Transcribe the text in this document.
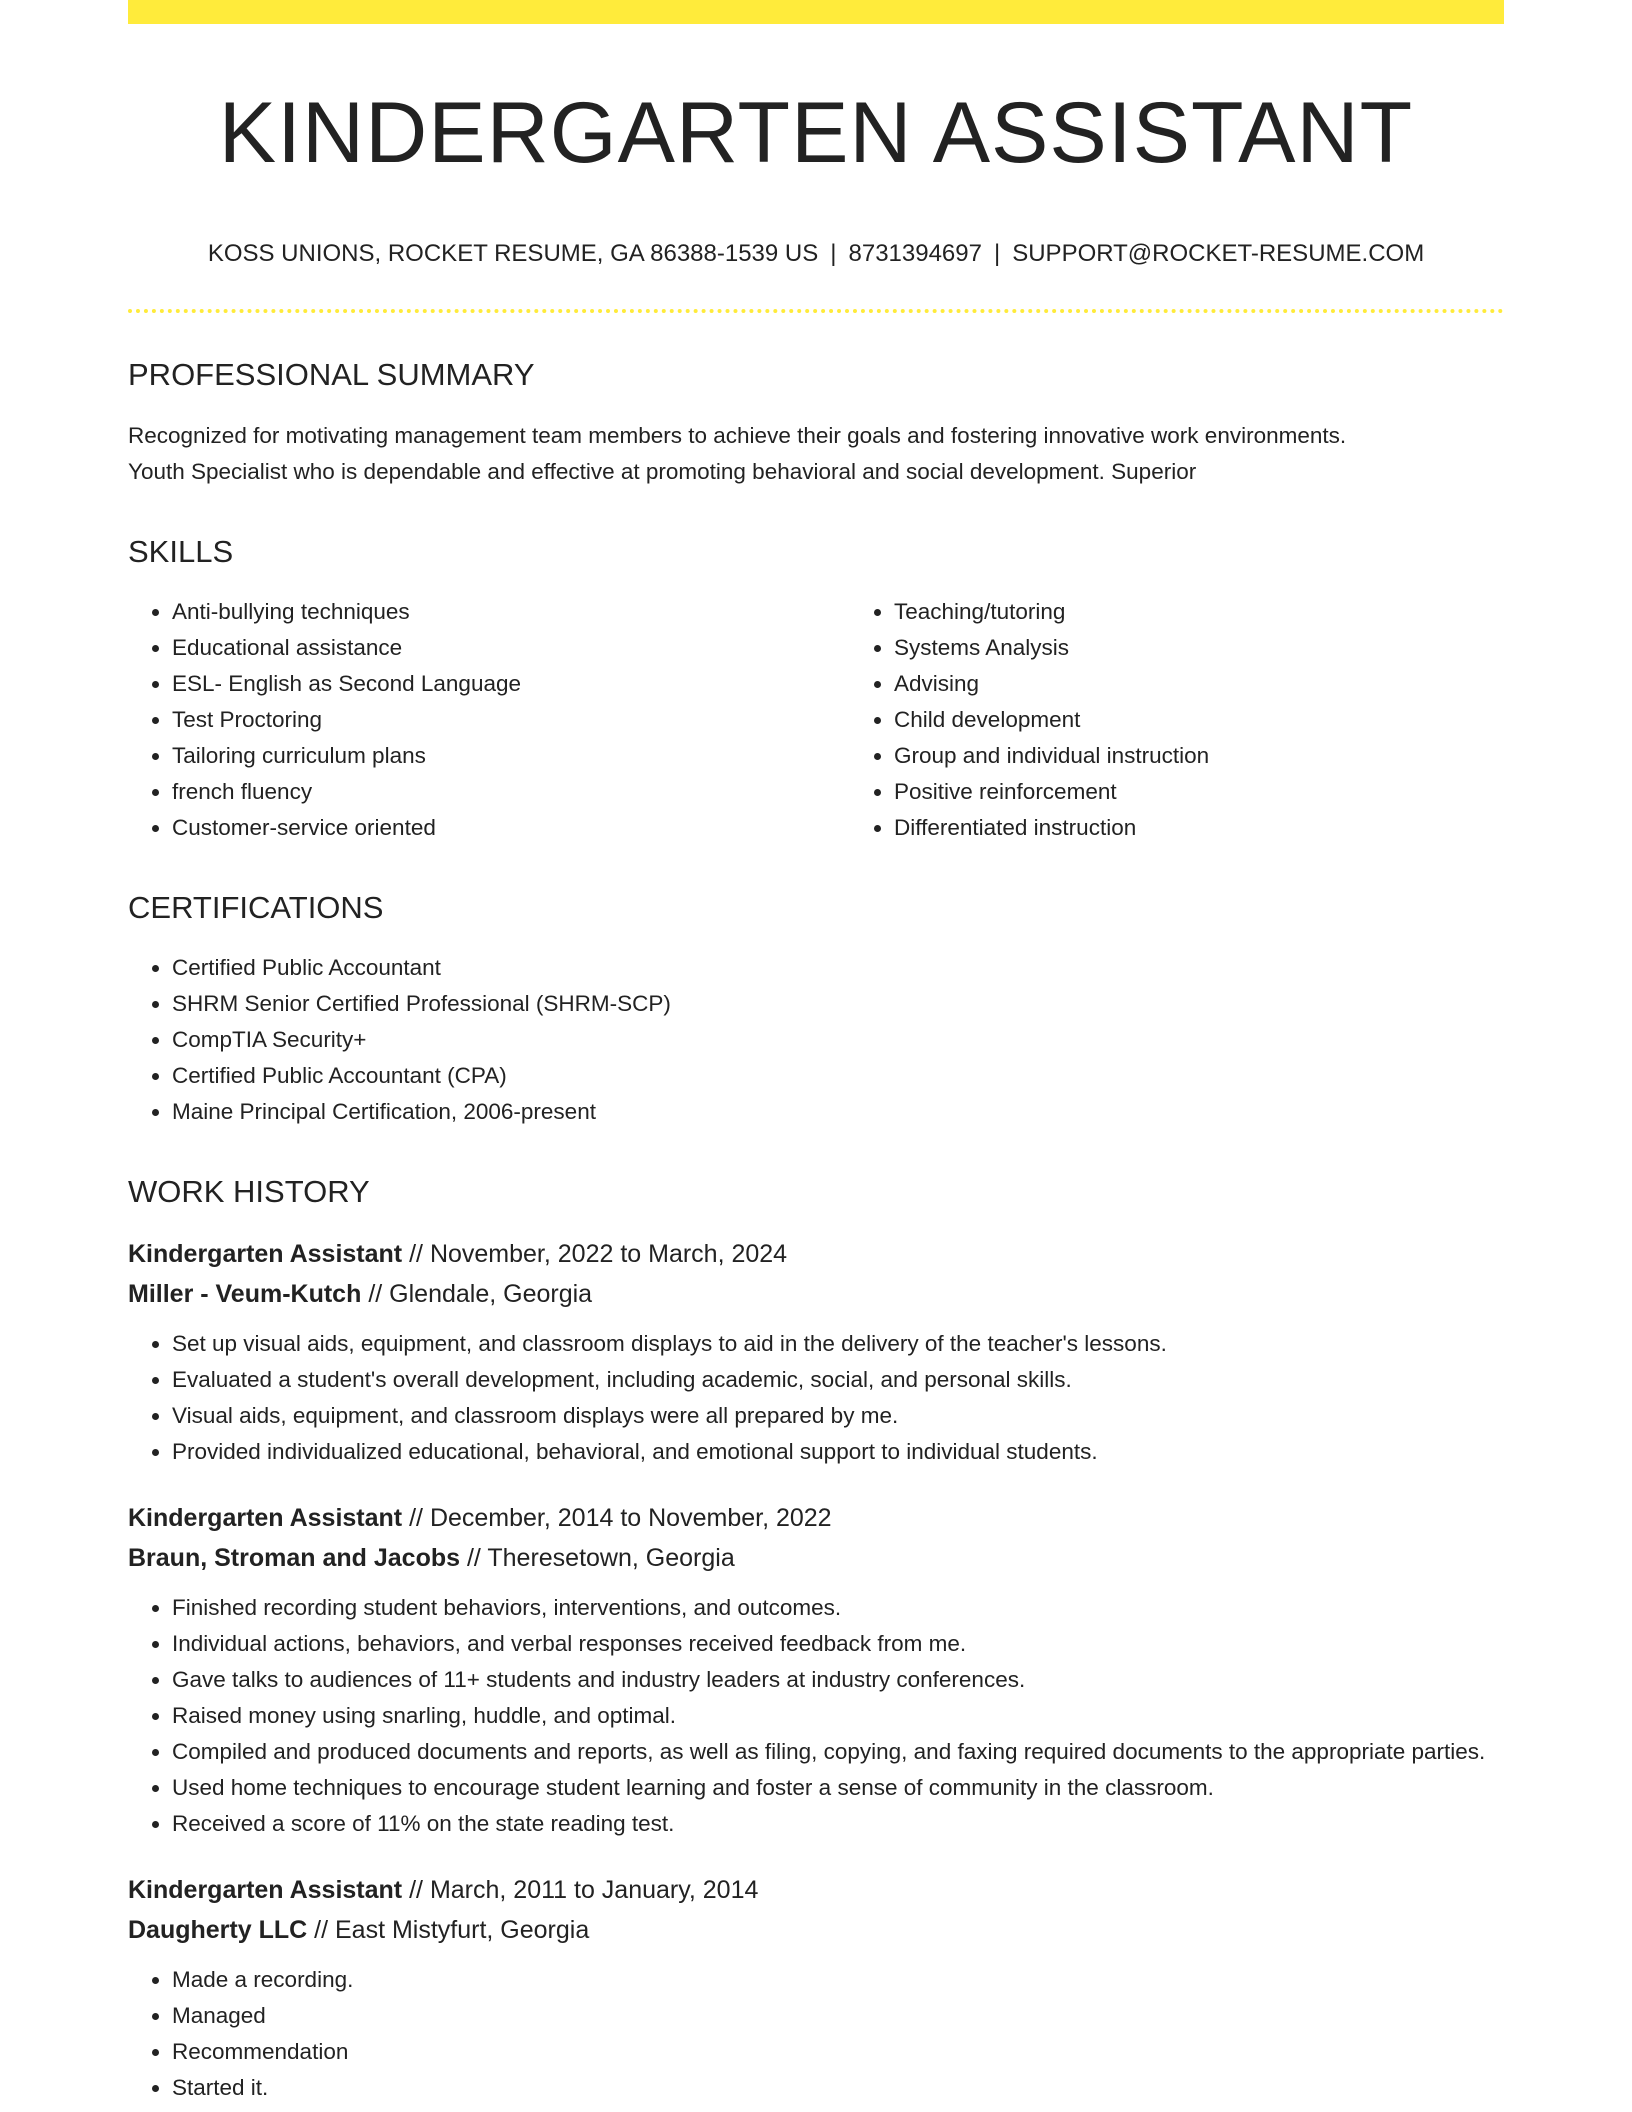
KINDERGARTEN ASSISTANT
KOSS UNIONS, ROCKET RESUME, GA 86388-1539 US | 8731394697 | SUPPORT@ROCKET-RESUME.COM
PROFESSIONAL SUMMARY
Recognized for motivating management team members to achieve their goals and fostering innovative work environments.
Youth Specialist who is dependable and effective at promoting behavioral and social development. Superior
SKILLS
• Anti-bullying techniques
• Educational assistance
• ESL- English as Second Language
• Test Proctoring
• Tailoring curriculum plans
• french fluency
• Customer-service oriented
• Teaching/tutoring
• Systems Analysis
• Advising
• Child development
• Group and individual instruction
• Positive reinforcement
• Differentiated instruction
CERTIFICATIONS
• Certified Public Accountant
• SHRM Senior Certified Professional (SHRM-SCP)
• CompTIA Security+
• Certified Public Accountant (CPA)
• Maine Principal Certification, 2006-present
WORK HISTORY
Kindergarten Assistant // November, 2022 to March, 2024
Miller - Veum-Kutch // Glendale, Georgia
• Set up visual aids, equipment, and classroom displays to aid in the delivery of the teacher's lessons.
• Evaluated a student's overall development, including academic, social, and personal skills.
• Visual aids, equipment, and classroom displays were all prepared by me.
• Provided individualized educational, behavioral, and emotional support to individual students.
Kindergarten Assistant // December, 2014 to November, 2022
Braun, Stroman and Jacobs // Theresetown, Georgia
• Finished recording student behaviors, interventions, and outcomes.
• Individual actions, behaviors, and verbal responses received feedback from me.
• Gave talks to audiences of 11+ students and industry leaders at industry conferences.
• Raised money using snarling, huddle, and optimal.
• Compiled and produced documents and reports, as well as filing, copying, and faxing required documents to the appropriate parties.
• Used home techniques to encourage student learning and foster a sense of community in the classroom.
• Received a score of 11% on the state reading test.
Kindergarten Assistant // March, 2011 to January, 2014
Daugherty LLC // East Mistyfurt, Georgia
• Made a recording.
• Managed
• Recommendation
• Started it.
